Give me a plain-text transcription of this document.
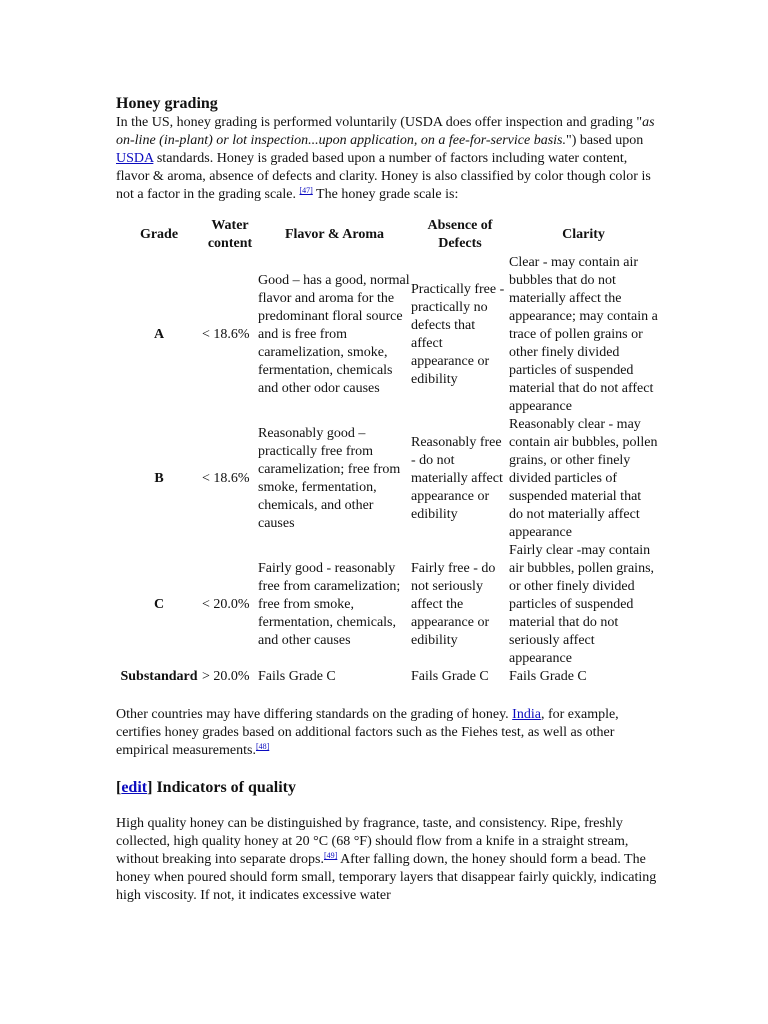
Honey grading

In the US, honey grading is performed voluntarily (USDA does offer inspection and grading "as on-line (in-plant) or lot inspection...upon application, on a fee-for-service basis.") based upon USDA standards. Honey is graded based upon a number of factors including water content, flavor & aroma, absence of defects and clarity. Honey is also classified by color though color is not a factor in the grading scale. [47] The honey grade scale is:

Grade	Water content	Flavor & Aroma	Absence of Defects	Clarity
A	< 18.6%	Good – has a good, normal flavor and aroma for the predominant floral source and is free from caramelization, smoke, fermentation, chemicals and other odor causes	Practically free - practically no defects that affect appearance or edibility	Clear - may contain air bubbles that do not materially affect the appearance; may contain a trace of pollen grains or other finely divided particles of suspended material that do not affect appearance
B	< 18.6%	Reasonably good – practically free from caramelization; free from smoke, fermentation, chemicals, and other causes	Reasonably free - do not materially affect appearance or edibility	Reasonably clear - may contain air bubbles, pollen grains, or other finely divided particles of suspended material that do not materially affect appearance
C	< 20.0%	Fairly good - reasonably free from caramelization; free from smoke, fermentation, chemicals, and other causes	Fairly free - do not seriously affect the appearance or edibility	Fairly clear -may contain air bubbles, pollen grains, or other finely divided particles of suspended material that do not seriously affect appearance
Substandard	> 20.0%	Fails Grade C	Fails Grade C	Fails Grade C

Other countries may have differing standards on the grading of honey. India, for example, certifies honey grades based on additional factors such as the Fiehes test, as well as other empirical measurements.[48]

[edit] Indicators of quality

High quality honey can be distinguished by fragrance, taste, and consistency. Ripe, freshly collected, high quality honey at 20 °C (68 °F) should flow from a knife in a straight stream, without breaking into separate drops.[49] After falling down, the honey should form a bead. The honey when poured should form small, temporary layers that disappear fairly quickly, indicating high viscosity. If not, it indicates excessive water
